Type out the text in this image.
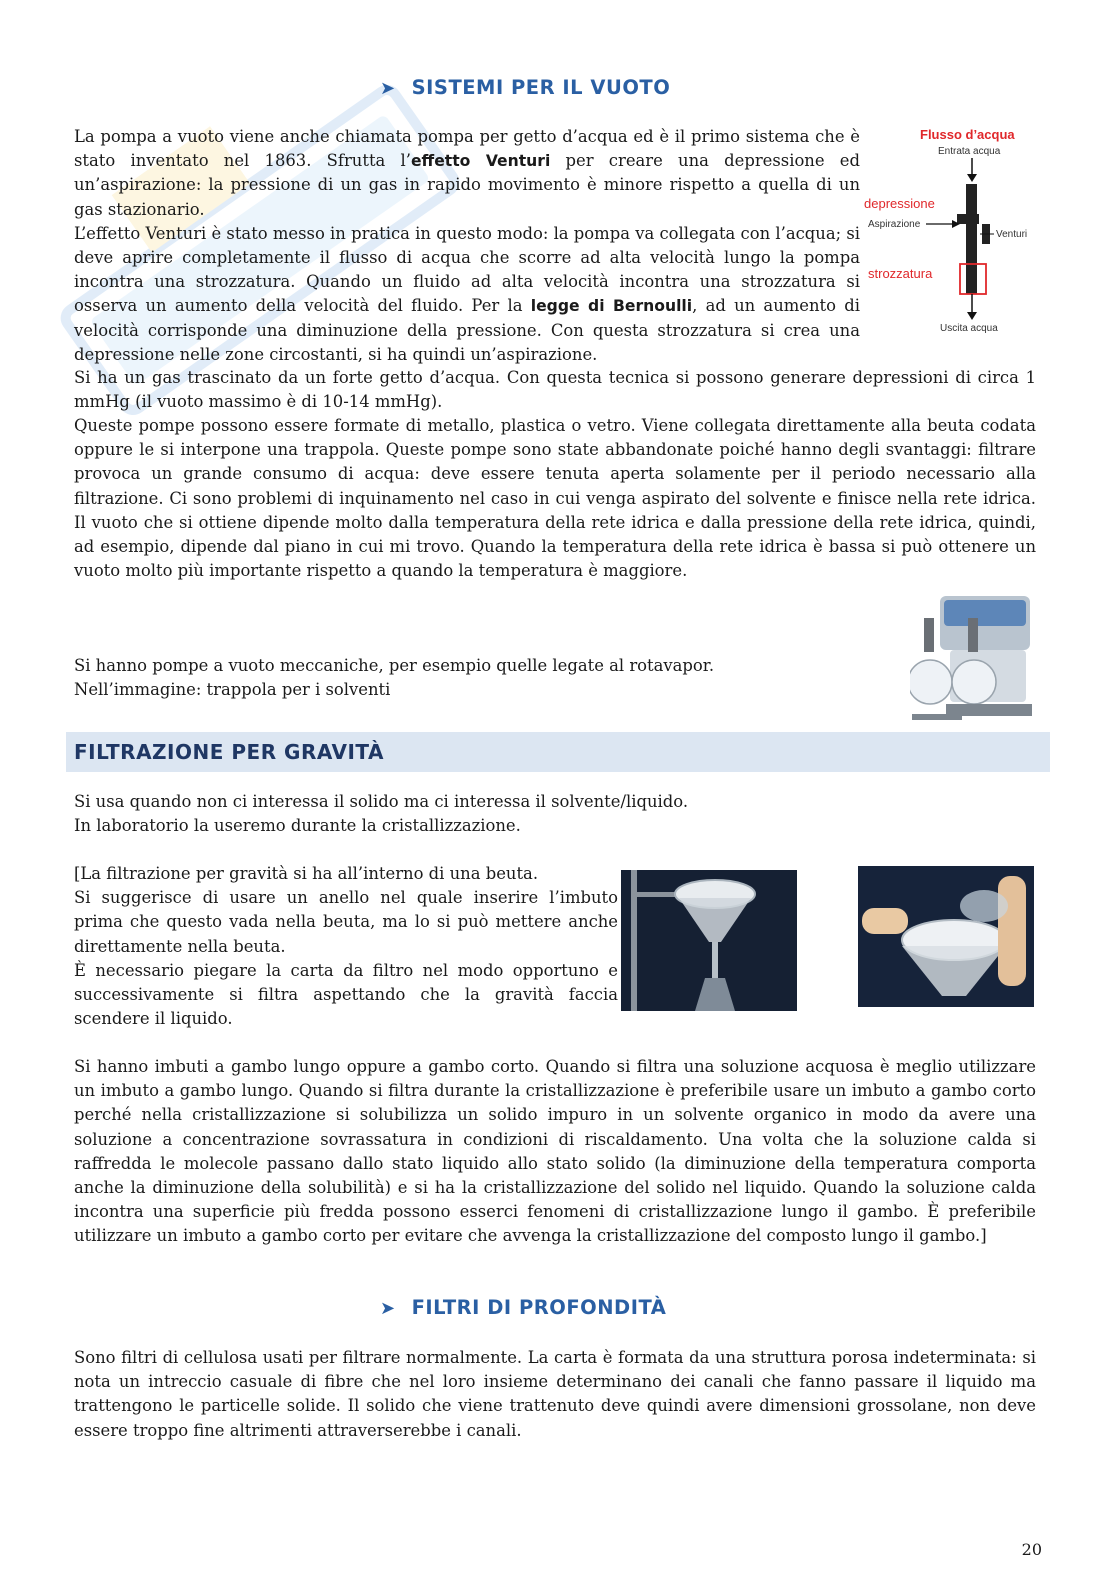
➤ SISTEMI PER IL VUOTO

La pompa a vuoto viene anche chiamata pompa per getto d’acqua ed è il primo sistema che è stato inventato nel 1863. Sfrutta l’effetto Venturi per creare una depressione ed un’aspirazione: la pressione di un gas in rapido movimento è minore rispetto a quella di un gas stazionario.

L’effetto Venturi è stato messo in pratica in questo modo: la pompa va collegata con l’acqua; si deve aprire completamente il flusso di acqua che scorre ad alta velocità lungo la pompa incontra una strozzatura. Quando un fluido ad alta velocità incontra una strozzatura si osserva un aumento della velocità del fluido. Per la legge di Bernoulli, ad un aumento di velocità corrisponde una diminuzione della pressione. Con questa strozzatura si crea una depressione nelle zone circostanti, si ha quindi un’aspirazione.

Flusso d’acqua
Entrata acqua
depressione
Aspirazione
Venturi
strozzatura
Uscita acqua

Si ha un gas trascinato da un forte getto d’acqua. Con questa tecnica si possono generare depressioni di circa 1 mmHg (il vuoto massimo è di 10-14 mmHg).

Queste pompe possono essere formate di metallo, plastica o vetro. Viene collegata direttamente alla beuta codata oppure le si interpone una trappola. Queste pompe sono state abbandonate poiché hanno degli svantaggi: filtrare provoca un grande consumo di acqua: deve essere tenuta aperta solamente per il periodo necessario alla filtrazione. Ci sono problemi di inquinamento nel caso in cui venga aspirato del solvente e finisce nella rete idrica. Il vuoto che si ottiene dipende molto dalla temperatura della rete idrica e dalla pressione della rete idrica, quindi, ad esempio, dipende dal piano in cui mi trovo. Quando la temperatura della rete idrica è bassa si può ottenere un vuoto molto più importante rispetto a quando la temperatura è maggiore.

Si hanno pompe a vuoto meccaniche, per esempio quelle legate al rotavapor.

Nell’immagine: trappola per i solventi

FILTRAZIONE PER GRAVITÀ

Si usa quando non ci interessa il solido ma ci interessa il solvente/liquido.

In laboratorio la useremo durante la cristallizzazione.

[La filtrazione per gravità si ha all’interno di una beuta.

Si suggerisce di usare un anello nel quale inserire l’imbuto prima che questo vada nella beuta, ma lo si può mettere anche direttamente nella beuta.

È necessario piegare la carta da filtro nel modo opportuno e successivamente si filtra aspettando che la gravità faccia scendere il liquido.

Si hanno imbuti a gambo lungo oppure a gambo corto. Quando si filtra una soluzione acquosa è meglio utilizzare un imbuto a gambo lungo. Quando si filtra durante la cristallizzazione è preferibile usare un imbuto a gambo corto perché nella cristallizzazione si solubilizza un solido impuro in un solvente organico in modo da avere una soluzione a concentrazione sovrassatura in condizioni di riscaldamento. Una volta che la soluzione calda si raffredda le molecole passano dallo stato liquido allo stato solido (la diminuzione della temperatura comporta anche la diminuzione della solubilità) e si ha la cristallizzazione del solido nel liquido. Quando la soluzione calda incontra una superficie più fredda possono esserci fenomeni di cristallizzazione lungo il gambo. È preferibile utilizzare un imbuto a gambo corto per evitare che avvenga la cristallizzazione del composto lungo il gambo.]

➤ FILTRI DI PROFONDITÀ

Sono filtri di cellulosa usati per filtrare normalmente. La carta è formata da una struttura porosa indeterminata: si nota un intreccio casuale di fibre che nel loro insieme determinano dei canali che fanno passare il liquido ma trattengono le particelle solide. Il solido che viene trattenuto deve quindi avere dimensioni grossolane, non deve essere troppo fine altrimenti attraverserebbe i canali.

20
